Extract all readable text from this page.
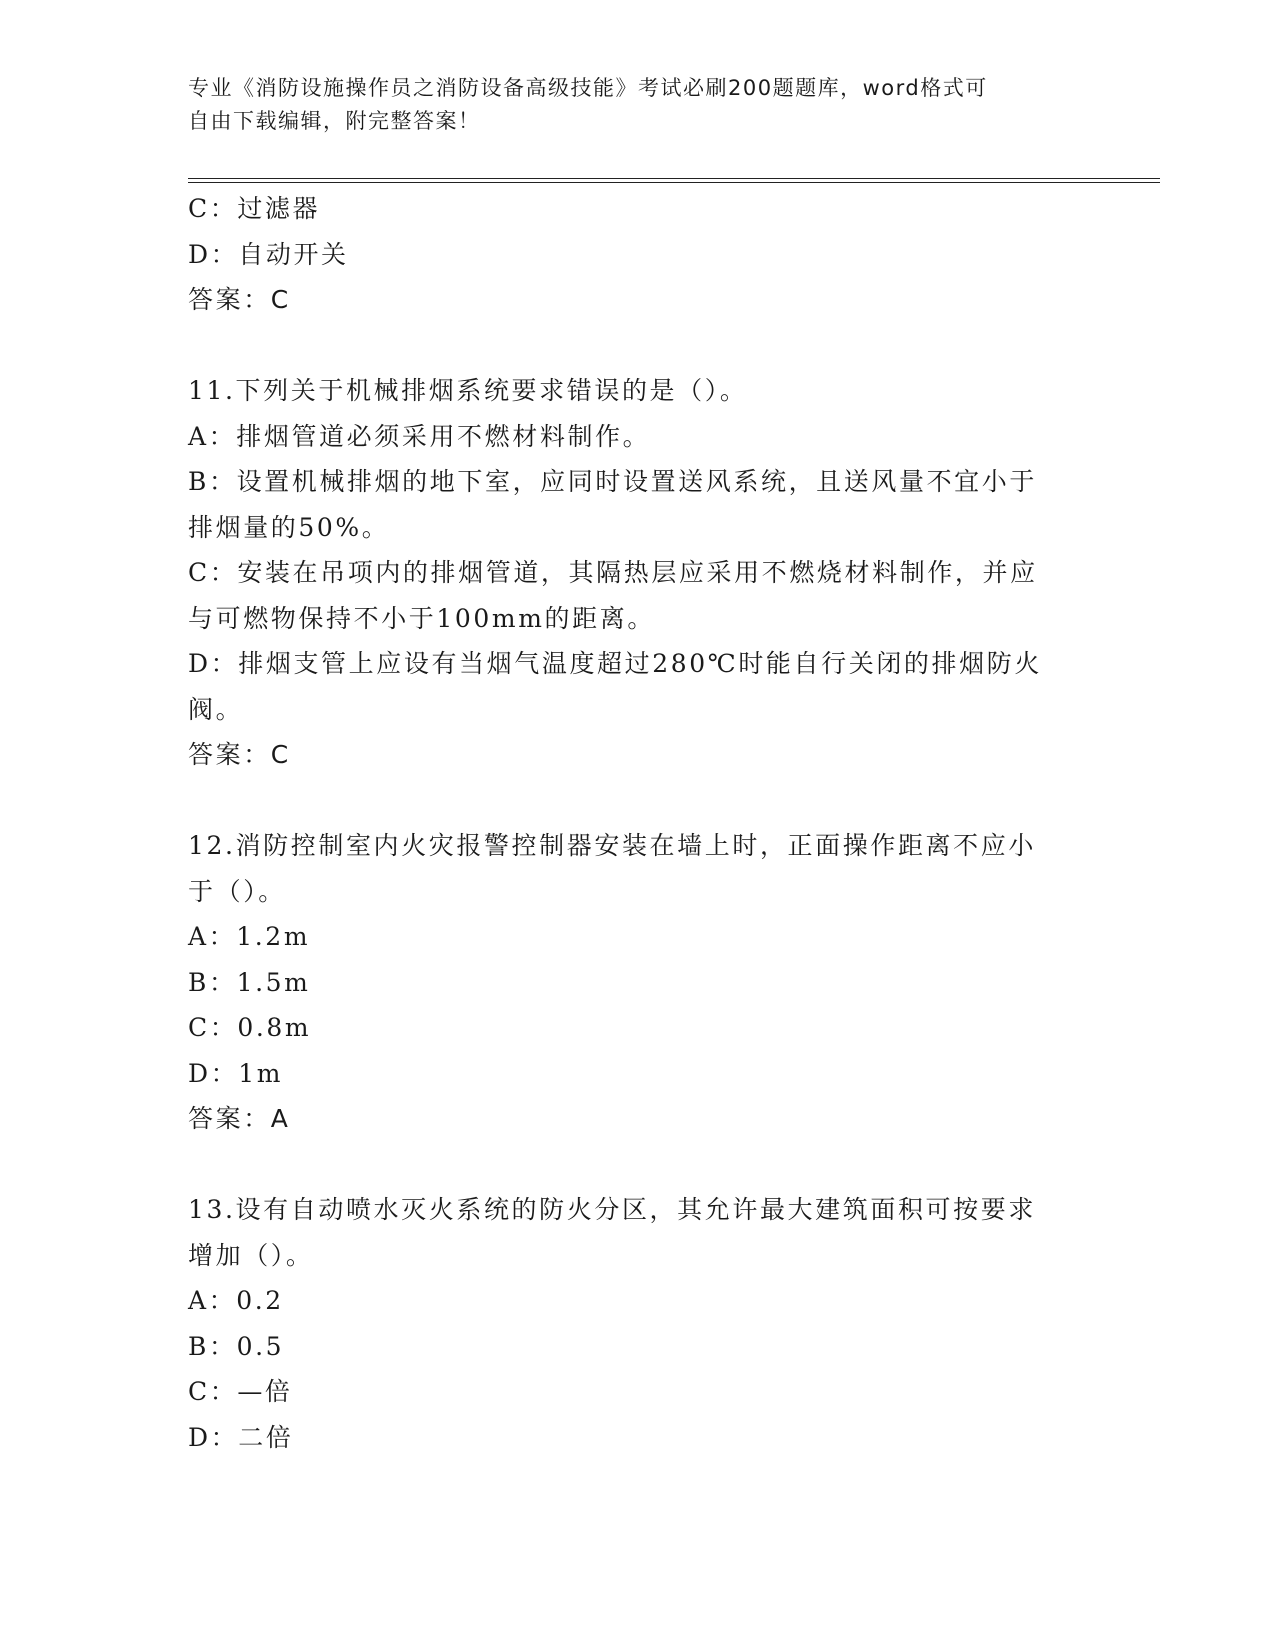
专业《消防设施操作员之消防设备高级技能》考试必刷200题题库，word格式可
自由下载编辑，附完整答案！
C：过滤器
D：自动开关
答案：C
11.下列关于机械排烟系统要求错误的是（）。
A：排烟管道必须采用不燃材料制作。
B：设置机械排烟的地下室，应同时设置送风系统，且送风量不宜小于
排烟量的50%。
C：安装在吊项内的排烟管道，其隔热层应采用不燃烧材料制作，并应
与可燃物保持不小于100mm的距离。
D：排烟支管上应设有当烟气温度超过280℃时能自行关闭的排烟防火
阀。
答案：C
12.消防控制室内火灾报警控制器安装在墙上时，正面操作距离不应小
于（）。
A：1.2m
B：1.5m
C：0.8m
D：1m
答案：A
13.设有自动喷水灭火系统的防火分区，其允许最大建筑面积可按要求
增加（）。
A：0.2
B：0.5
C：—倍
D：二倍
